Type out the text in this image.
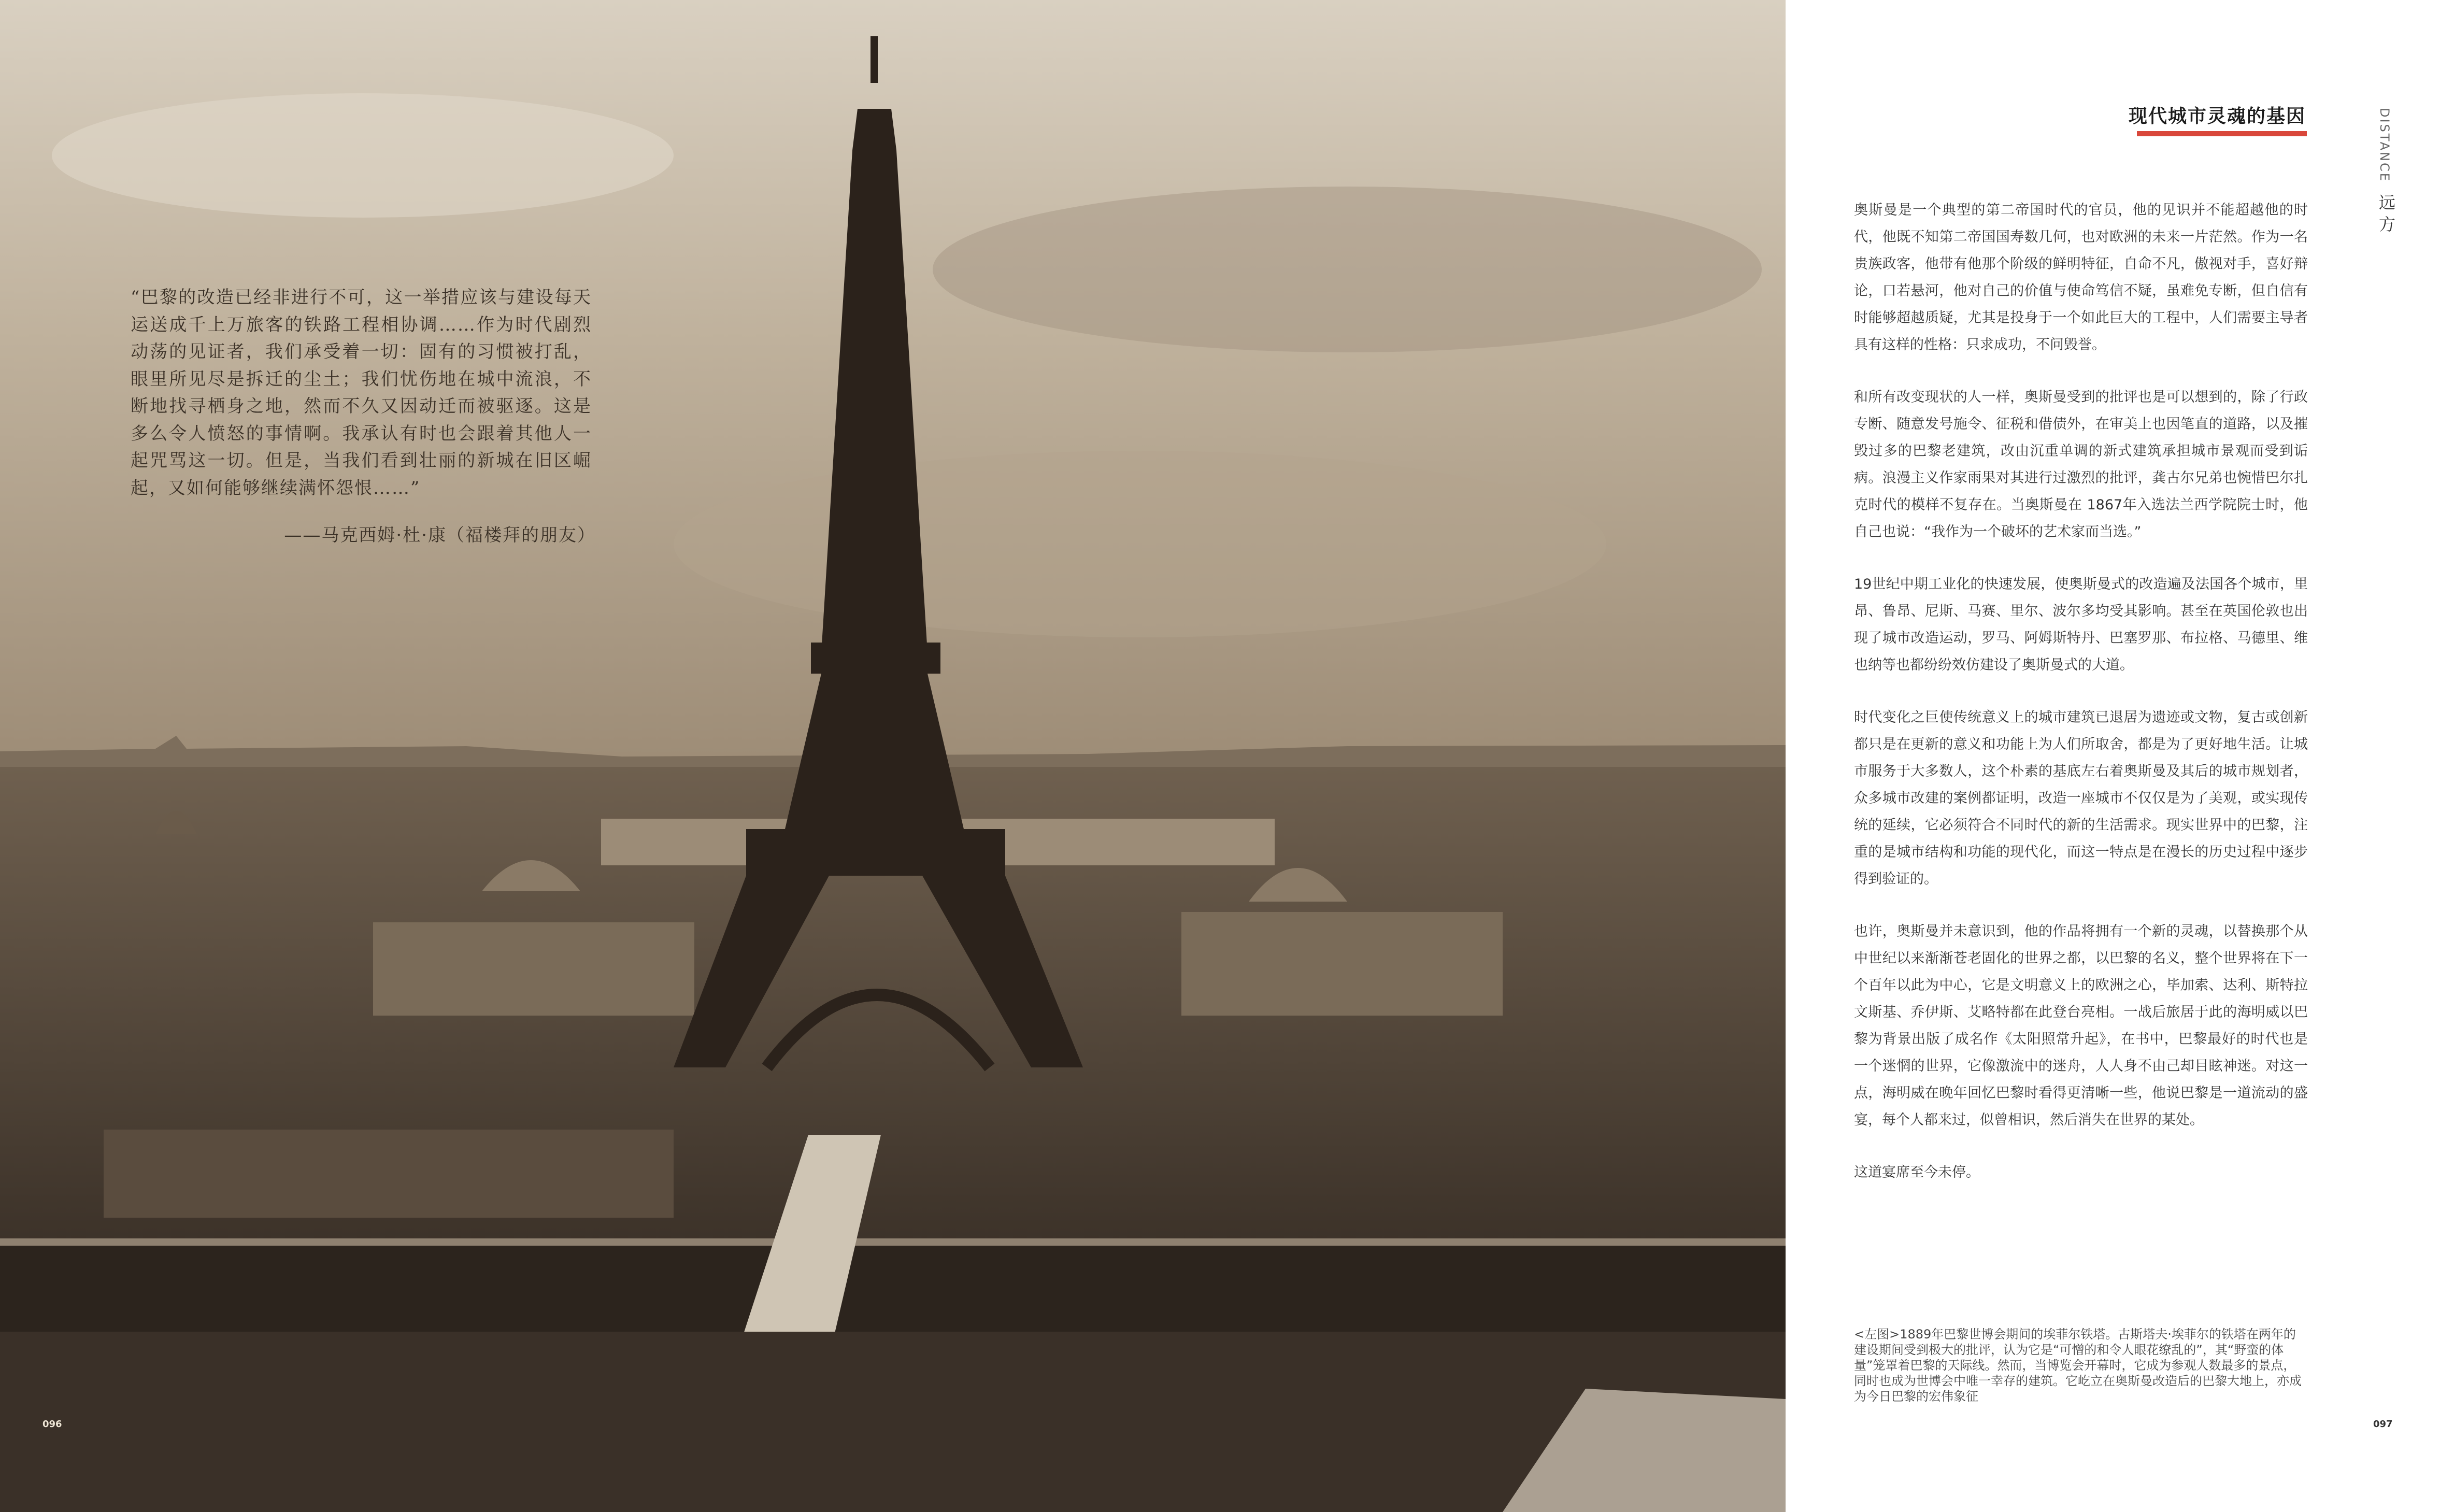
“巴黎的改造已经非进行不可，这一举措应该与建设每天运送成千上万旅客的铁路工程相协调……作为时代剧烈动荡的见证者，我们承受着一切：固有的习惯被打乱，眼里所见尽是拆迁的尘土；我们忧伤地在城中流浪，不断地找寻栖身之地，然而不久又因动迁而被驱逐。这是多么令人愤怒的事情啊。我承认有时也会跟着其他人一起咒骂这一切。但是，当我们看到壮丽的新城在旧区崛起，又如何能够继续满怀怨恨……”
——马克西姆·杜·康（福楼拜的朋友）
096
现代城市灵魂的基因	DISTANCE
远方

奥斯曼是一个典型的第二帝国时代的官员，他的见识并不能超越他的时代，他既不知第二帝国国寿数几何，也对欧洲的未来一片茫然。作为一名贵族政客，他带有他那个阶级的鲜明特征，自命不凡，傲视对手，喜好辩论，口若悬河，他对自己的价值与使命笃信不疑，虽难免专断，但自信有时能够超越质疑，尤其是投身于一个如此巨大的工程中，人们需要主导者具有这样的性格：只求成功，不问毁誉。

和所有改变现状的人一样，奥斯曼受到的批评也是可以想到的，除了行政专断、随意发号施令、征税和借债外，在审美上也因笔直的道路，以及摧毁过多的巴黎老建筑，改由沉重单调的新式建筑承担城市景观而受到诟病。浪漫主义作家雨果对其进行过激烈的批评，龚古尔兄弟也惋惜巴尔扎克时代的模样不复存在。当奥斯曼在 1867年入选法兰西学院院士时，他自己也说：“我作为一个破坏的艺术家而当选。”

19世纪中期工业化的快速发展，使奥斯曼式的改造遍及法国各个城市，里昂、鲁昂、尼斯、马赛、里尔、波尔多均受其影响。甚至在英国伦敦也出现了城市改造运动，罗马、阿姆斯特丹、巴塞罗那、布拉格、马德里、维也纳等也都纷纷效仿建设了奥斯曼式的大道。

时代变化之巨使传统意义上的城市建筑已退居为遗迹或文物，复古或创新都只是在更新的意义和功能上为人们所取舍，都是为了更好地生活。让城市服务于大多数人，这个朴素的基底左右着奥斯曼及其后的城市规划者，众多城市改建的案例都证明，改造一座城市不仅仅是为了美观，或实现传统的延续，它必须符合不同时代的新的生活需求。现实世界中的巴黎，注重的是城市结构和功能的现代化，而这一特点是在漫长的历史过程中逐步得到验证的。

也许，奥斯曼并未意识到，他的作品将拥有一个新的灵魂，以替换那个从中世纪以来渐渐苍老固化的世界之都，以巴黎的名义，整个世界将在下一个百年以此为中心，它是文明意义上的欧洲之心，毕加索、达利、斯特拉文斯基、乔伊斯、艾略特都在此登台亮相。一战后旅居于此的海明威以巴黎为背景出版了成名作《太阳照常升起》，在书中，巴黎最好的时代也是一个迷惘的世界，它像激流中的迷舟，人人身不由己却目眩神迷。对这一点，海明威在晚年回忆巴黎时看得更清晰一些，他说巴黎是一道流动的盛宴，每个人都来过，似曾相识，然后消失在世界的某处。

这道宴席至今未停。

<左图>1889年巴黎世博会期间的埃菲尔铁塔。古斯塔夫·埃菲尔的铁塔在两年的建设期间受到极大的批评，认为它是“可憎的和令人眼花缭乱的”，其“野蛮的体量”笼罩着巴黎的天际线。然而，当博览会开幕时，它成为参观人数最多的景点，同时也成为世博会中唯一幸存的建筑。它屹立在奥斯曼改造后的巴黎大地上，亦成为今日巴黎的宏伟象征
097
